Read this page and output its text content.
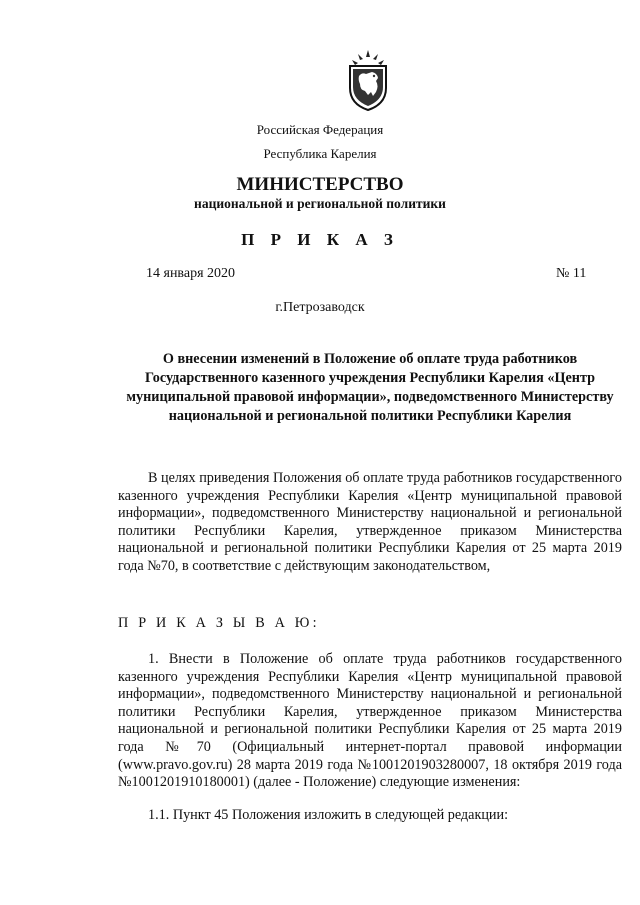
Российская Федерация
Республика Карелия
МИНИСТЕРСТВО
национальной и региональной политики
П Р И К А З
14 января 2020	№ 11
г.Петрозаводск
О внесении изменений в Положение об оплате труда работников Государственного казенного учреждения Республики Карелия «Центр муниципальной правовой информации», подведомственного Министерству национальной и региональной политики Республики Карелия

В целях приведения Положения об оплате труда работников государственного казенного учреждения Республики Карелия «Центр муниципальной правовой информации», подведомственного Министерству национальной и региональной политики Республики Карелия, утвержденное приказом Министерства национальной и региональной политики Республики Карелия от 25 марта 2019 года №70, в соответствие с действующим законодательством,

П Р И К А З Ы В А Ю:

1. Внести в Положение об оплате труда работников государственного казенного учреждения Республики Карелия «Центр муниципальной правовой информации», подведомственного Министерству национальной и региональной политики Республики Карелия, утвержденное приказом Министерства национальной и региональной политики Республики Карелия от 25 марта 2019 года №70 (Официальный интернет-портал правовой информации (www.pravo.gov.ru) 28 марта 2019 года №1001201903280007, 18 октября 2019 года №1001201910180001) (далее - Положение) следующие изменения:

1.1. Пункт 45 Положения изложить в следующей редакции:
